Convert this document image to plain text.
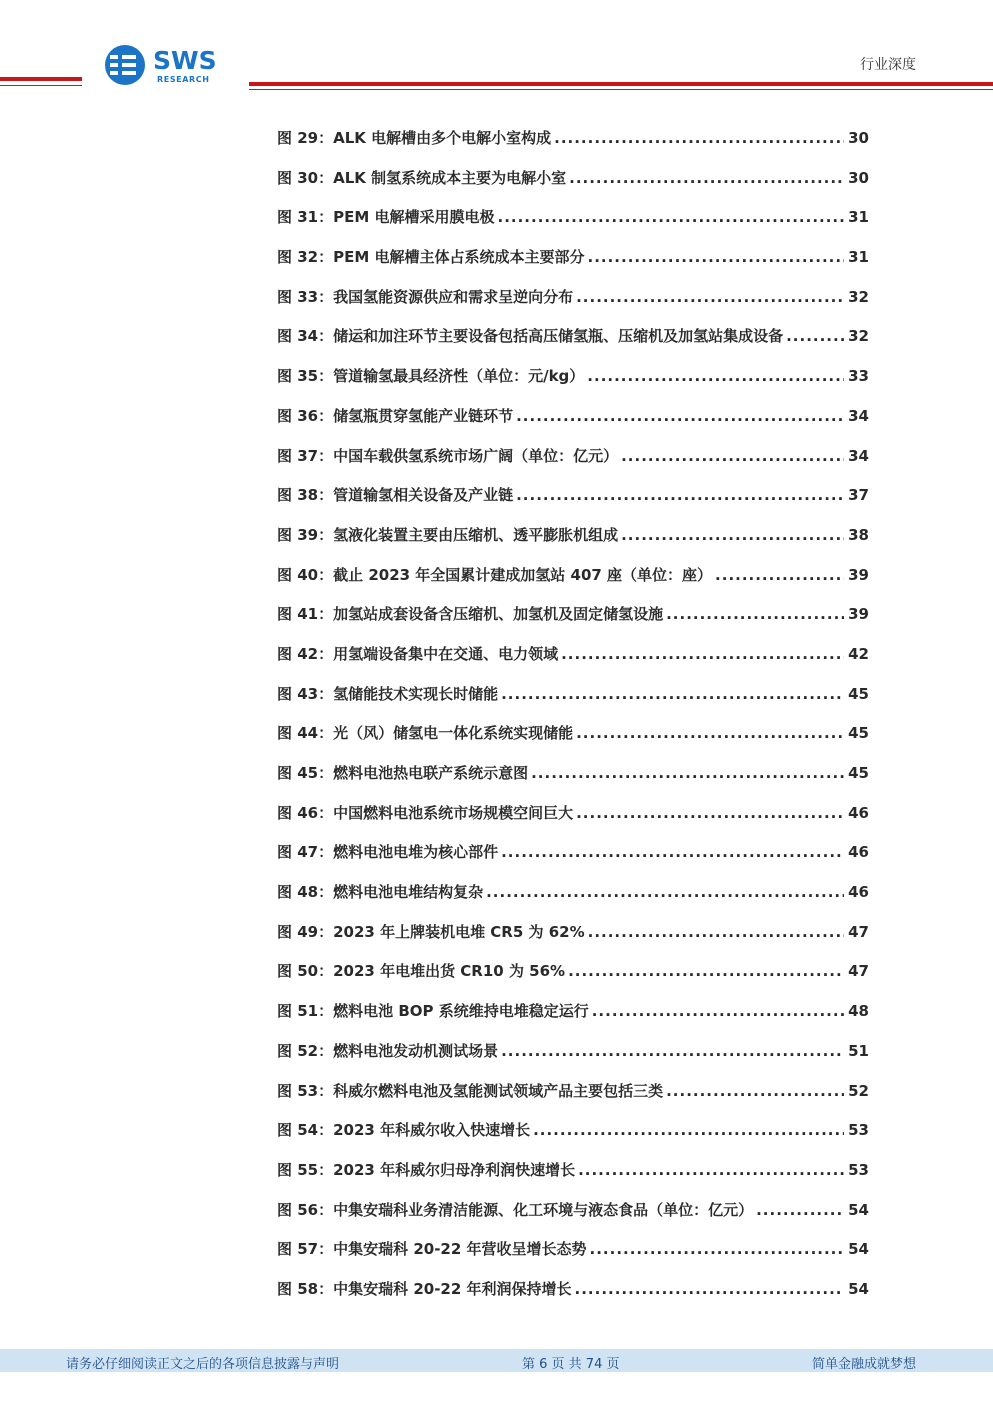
SWS
RESEARCH
行业深度
图 29：ALK 电解槽由多个电解小室构成 .....	30
图 30：ALK 制氢系统成本主要为电解小室 .....	30
图 31：PEM 电解槽采用膜电极 .....	31
图 32：PEM 电解槽主体占系统成本主要部分 .....	31
图 33：我国氢能资源供应和需求呈逆向分布 .....	32
图 34：储运和加注环节主要设备包括高压储氢瓶、压缩机及加氢站集成设备 .....	32
图 35：管道输氢最具经济性（单位：元/kg） .....	33
图 36：储氢瓶贯穿氢能产业链环节 .....	34
图 37：中国车载供氢系统市场广阔（单位：亿元） .....	34
图 38：管道输氢相关设备及产业链 .....	37
图 39：氢液化装置主要由压缩机、透平膨胀机组成 .....	38
图 40：截止 2023 年全国累计建成加氢站 407 座（单位：座） .....	39
图 41：加氢站成套设备含压缩机、加氢机及固定储氢设施 .....	39
图 42：用氢端设备集中在交通、电力领域 .....	42
图 43：氢储能技术实现长时储能 .....	45
图 44：光（风）储氢电一体化系统实现储能 .....	45
图 45：燃料电池热电联产系统示意图 .....	45
图 46：中国燃料电池系统市场规模空间巨大 .....	46
图 47：燃料电池电堆为核心部件 .....	46
图 48：燃料电池电堆结构复杂 .....	46
图 49：2023 年上牌装机电堆 CR5 为 62% .....	47
图 50：2023 年电堆出货 CR10 为 56% .....	47
图 51：燃料电池 BOP 系统维持电堆稳定运行 .....	48
图 52：燃料电池发动机测试场景 .....	51
图 53：科威尔燃料电池及氢能测试领域产品主要包括三类 .....	52
图 54：2023 年科威尔收入快速增长 .....	53
图 55：2023 年科威尔归母净利润快速增长 .....	53
图 56：中集安瑞科业务清洁能源、化工环境与液态食品（单位：亿元） .....	54
图 57：中集安瑞科 20-22 年营收呈增长态势 .....	54
图 58：中集安瑞科 20-22 年利润保持增长 .....	54
请务必仔细阅读正文之后的各项信息披露与声明	第 6 页 共 74 页	简单金融成就梦想
